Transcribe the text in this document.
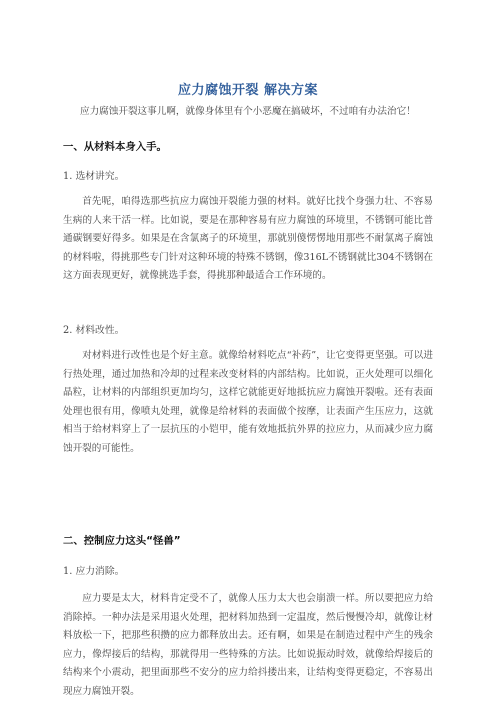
应力腐蚀开裂 解决方案
应力腐蚀开裂这事儿啊，就像身体里有个小恶魔在搞破坏，不过咱有办法治它！
一、从材料本身入手。
1. 选材讲究。

首先呢，咱得选那些抗应力腐蚀开裂能力强的材料。就好比找个身强力壮、不容易生病的人来干活一样。比如说，要是在那种容易有应力腐蚀的环境里，不锈钢可能比普通碳钢要好得多。如果是在含氯离子的环境里，那就别傻愣愣地用那些不耐氯离子腐蚀的材料啦，得挑那些专门针对这种环境的特殊不锈钢，像316L不锈钢就比304不锈钢在这方面表现更好，就像挑选手套，得挑那种最适合工作环境的。

2. 材料改性。

对材料进行改性也是个好主意。就像给材料吃点“补药”，让它变得更坚强。可以进行热处理，通过加热和冷却的过程来改变材料的内部结构。比如说，正火处理可以细化晶粒，让材料的内部组织更加均匀，这样它就能更好地抵抗应力腐蚀开裂啦。还有表面处理也很有用，像喷丸处理，就像是给材料的表面做个按摩，让表面产生压应力，这就相当于给材料穿上了一层抗压的小铠甲，能有效地抵抗外界的拉应力，从而减少应力腐蚀开裂的可能性。

二、控制应力这头“怪兽”
1. 应力消除。

应力要是太大，材料肯定受不了，就像人压力太大也会崩溃一样。所以要把应力给消除掉。一种办法是采用退火处理，把材料加热到一定温度，然后慢慢冷却，就像让材料放松一下，把那些积攒的应力都释放出去。还有啊，如果是在制造过程中产生的残余应力，像焊接后的结构，那就得用一些特殊的方法。比如说振动时效，就像给焊接后的结构来个小震动，把里面那些不安分的应力给抖搂出来，让结构变得更稳定，不容易出现应力腐蚀开裂。
